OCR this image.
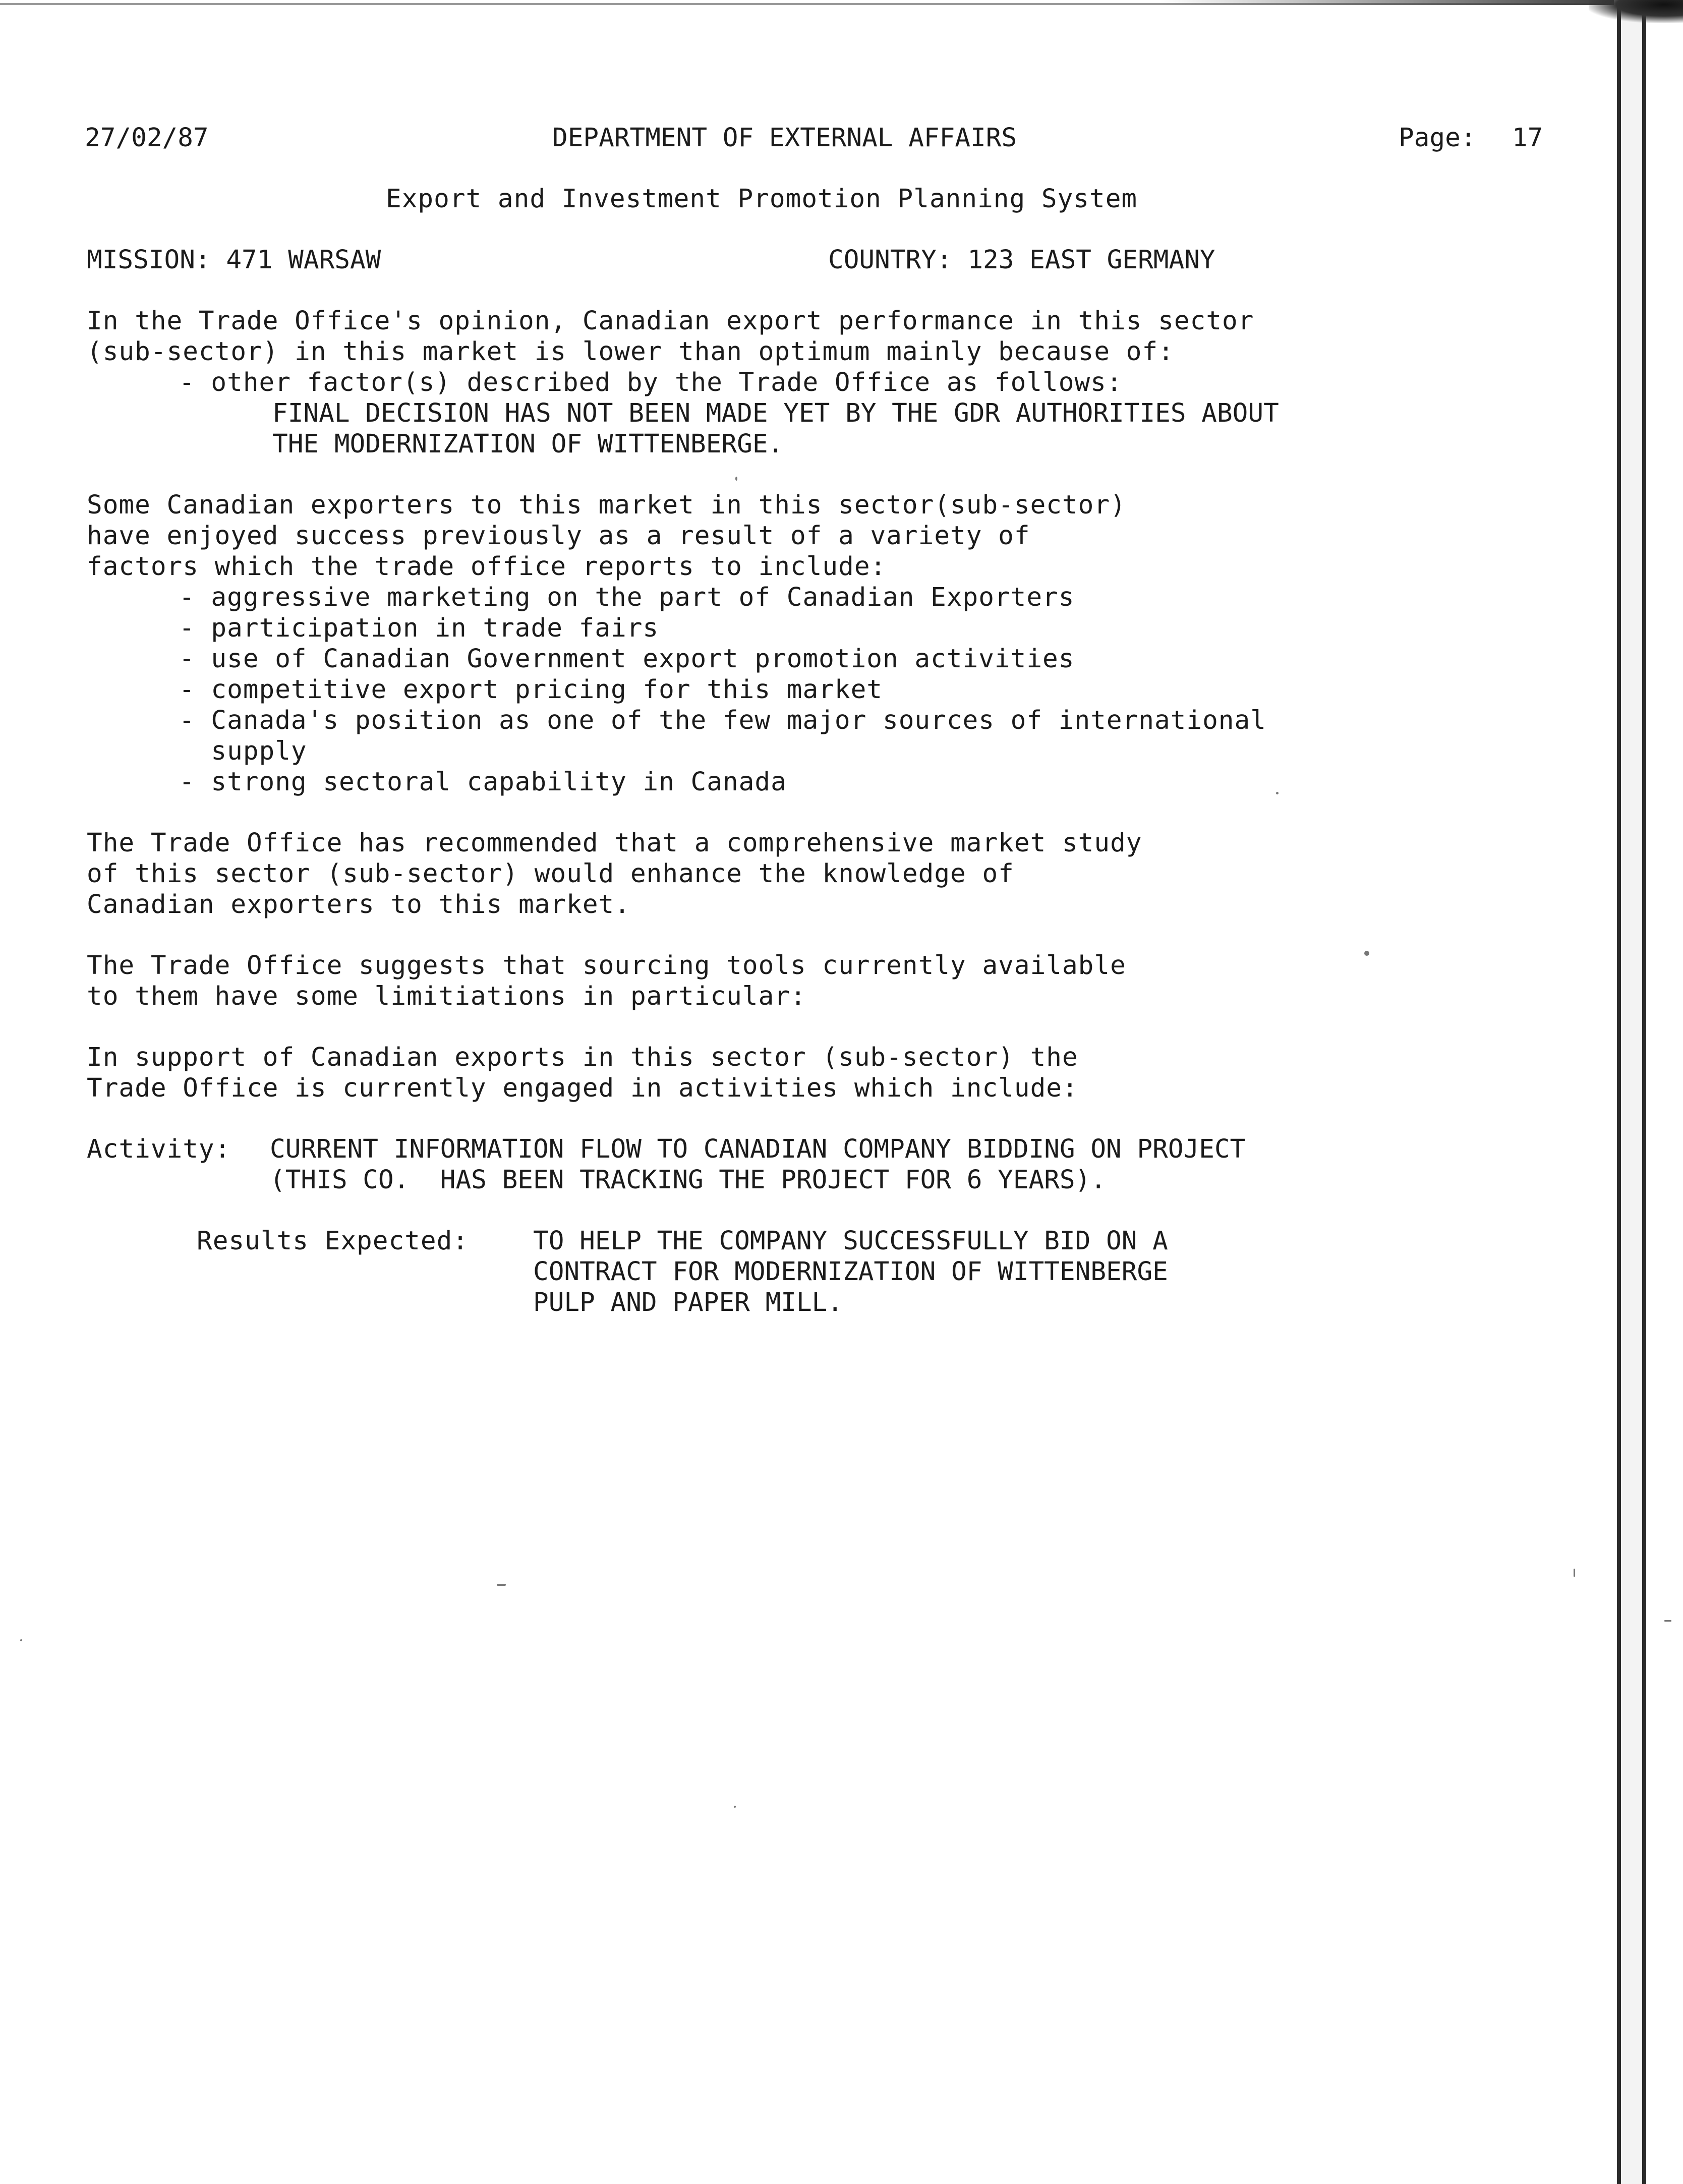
27/02/87	DEPARTMENT OF EXTERNAL AFFAIRS	Page: 17
Export and Investment Promotion Planning System
MISSION: 471 WARSAW	COUNTRY: 123 EAST GERMANY
In the Trade Office's opinion, Canadian export performance in this sector
(sub-sector) in this market is lower than optimum mainly because of:
- other factor(s) described by the Trade Office as follows:
FINAL DECISION HAS NOT BEEN MADE YET BY THE GDR AUTHORITIES ABOUT
THE MODERNIZATION OF WITTENBERGE.
Some Canadian exporters to this market in this sector(sub-sector)
have enjoyed success previously as a result of a variety of
factors which the trade office reports to include:
- aggressive marketing on the part of Canadian Exporters
- participation in trade fairs
- use of Canadian Government export promotion activities
- competitive export pricing for this market
- Canada's position as one of the few major sources of international
supply
- strong sectoral capability in Canada
The Trade Office has recommended that a comprehensive market study
of this sector (sub-sector) would enhance the knowledge of
Canadian exporters to this market.
The Trade Office suggests that sourcing tools currently available
to them have some limitiations in particular:
In support of Canadian exports in this sector (sub-sector) the
Trade Office is currently engaged in activities which include:
Activity: CURRENT INFORMATION FLOW TO CANADIAN COMPANY BIDDING ON PROJECT
(THIS CO.  HAS BEEN TRACKING THE PROJECT FOR 6 YEARS).
Results Expected:	TO HELP THE COMPANY SUCCESSFULLY BID ON A
CONTRACT FOR MODERNIZATION OF WITTENBERGE
PULP AND PAPER MILL.
